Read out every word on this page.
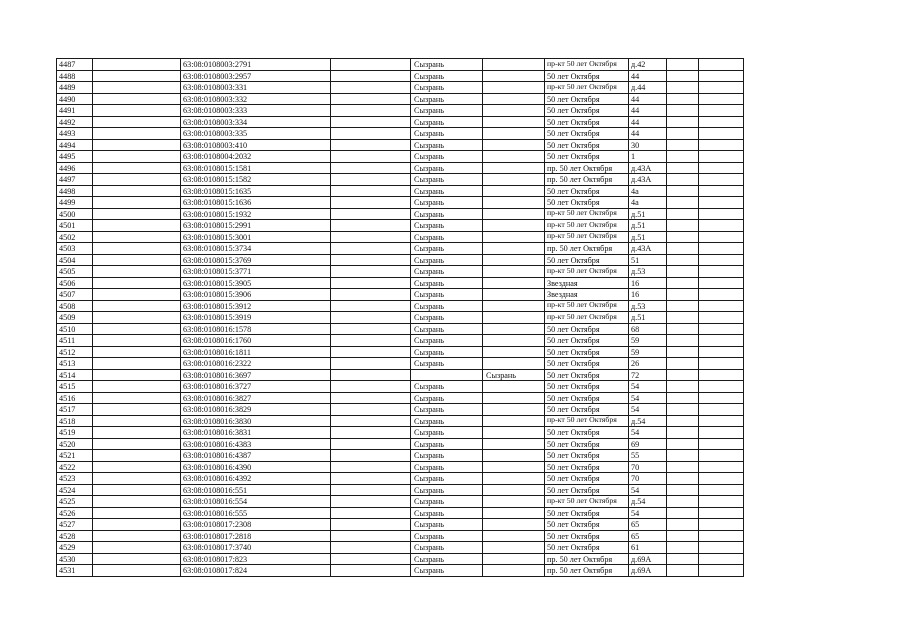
4487		63:08:0108003:2791		Сызрань		пр-кт 50 лет Октября	д.42		
4488		63:08:0108003:2957		Сызрань		50 лет Октября	44		
4489		63:08:0108003:331		Сызрань		пр-кт 50 лет Октября	д.44		
4490		63:08:0108003:332		Сызрань		50 лет Октября	44		
4491		63:08:0108003:333		Сызрань		50 лет Октября	44		
4492		63:08:0108003:334		Сызрань		50 лет Октября	44		
4493		63:08:0108003:335		Сызрань		50 лет Октября	44		
4494		63:08:0108003:410		Сызрань		50 лет Октября	30		
4495		63:08:0108004:2032		Сызрань		50 лет Октября	1		
4496		63:08:0108015:1581		Сызрань		пр. 50 лет Октября	д.43А		
4497		63:08:0108015:1582		Сызрань		пр. 50 лет Октября	д.43А		
4498		63:08:0108015:1635		Сызрань		50 лет Октября	4а		
4499		63:08:0108015:1636		Сызрань		50 лет Октября	4а		
4500		63:08:0108015:1932		Сызрань		пр-кт 50 лет Октября	д.51		
4501		63:08:0108015:2991		Сызрань		пр-кт 50 лет Октября	д.51		
4502		63:08:0108015:3001		Сызрань		пр-кт 50 лет Октября	д.51		
4503		63:08:0108015:3734		Сызрань		пр. 50 лет Октября	д.43А		
4504		63:08:0108015:3769		Сызрань		50 лет Октября	51		
4505		63:08:0108015:3771		Сызрань		пр-кт 50 лет Октября	д.53		
4506		63:08:0108015:3905		Сызрань		Звездная	16		
4507		63:08:0108015:3906		Сызрань		Звездная	16		
4508		63:08:0108015:3912		Сызрань		пр-кт 50 лет Октября	д.53		
4509		63:08:0108015:3919		Сызрань		пр-кт 50 лет Октября	д.51		
4510		63:08:0108016:1578		Сызрань		50 лет Октября	68		
4511		63:08:0108016:1760		Сызрань		50 лет Октября	59		
4512		63:08:0108016:1811		Сызрань		50 лет Октября	59		
4513		63:08:0108016:2322		Сызрань		50 лет Октября	26		
4514		63:08:0108016:3697			Сызрань	50 лет Октября	72		
4515		63:08:0108016:3727		Сызрань		50 лет Октября	54		
4516		63:08:0108016:3827		Сызрань		50 лет Октября	54		
4517		63:08:0108016:3829		Сызрань		50 лет Октября	54		
4518		63:08:0108016:3830		Сызрань		пр-кт 50 лет Октября	д.54		
4519		63:08:0108016:3831		Сызрань		50 лет Октября	54		
4520		63:08:0108016:4383		Сызрань		50 лет Октября	69		
4521		63:08:0108016:4387		Сызрань		50 лет Октября	55		
4522		63:08:0108016:4390		Сызрань		50 лет Октября	70		
4523		63:08:0108016:4392		Сызрань		50 лет Октября	70		
4524		63:08:0108016:551		Сызрань		50 лет Октября	54		
4525		63:08:0108016:554		Сызрань		пр-кт 50 лет Октября	д.54		
4526		63:08:0108016:555		Сызрань		50 лет Октября	54		
4527		63:08:0108017:2308		Сызрань		50 лет Октября	65		
4528		63:08:0108017:2818		Сызрань		50 лет Октября	65		
4529		63:08:0108017:3740		Сызрань		50 лет Октября	61		
4530		63:08:0108017:823		Сызрань		пр. 50 лет Октября	д.69А		
4531		63:08:0108017:824		Сызрань		пр. 50 лет Октября	д.69А		
